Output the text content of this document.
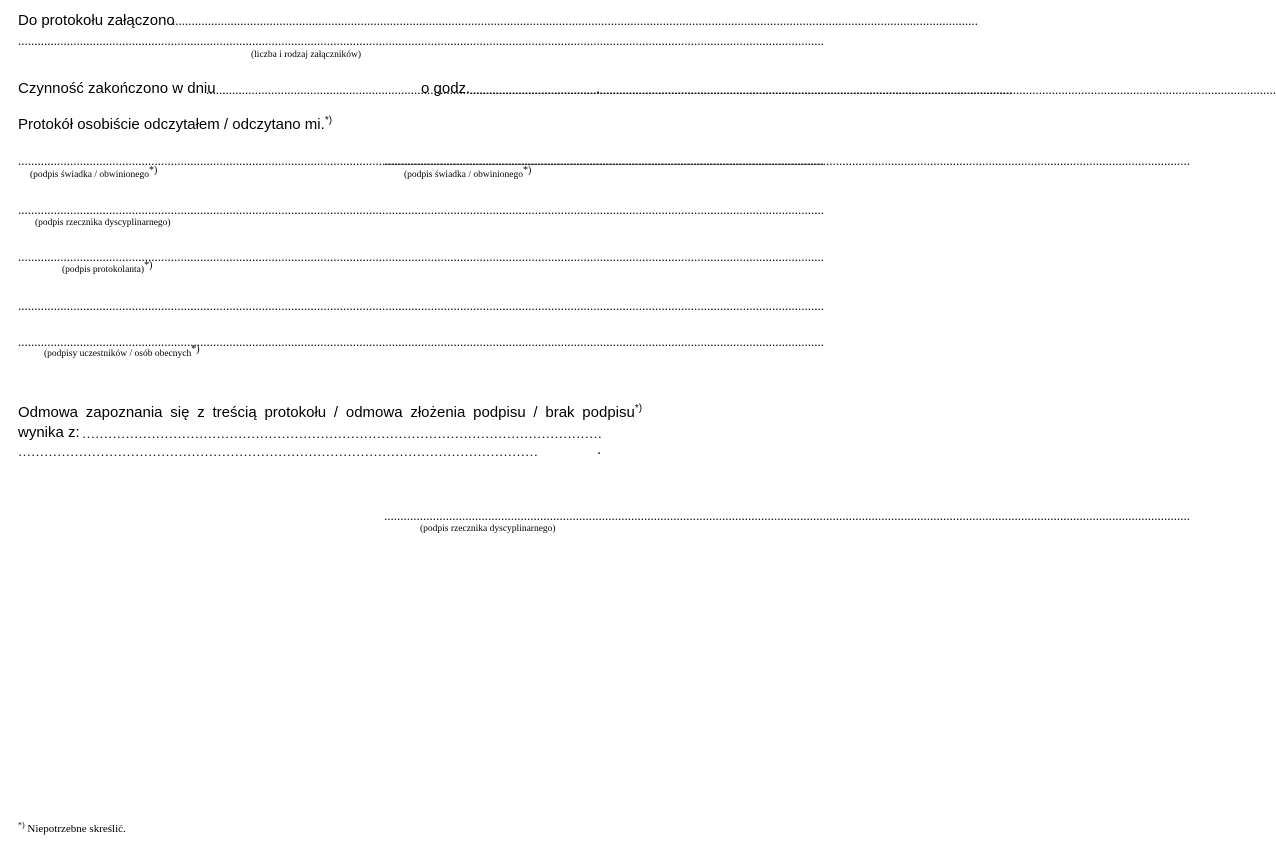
Do protokołu załączono
.....
.....
(liczba i rodzaj załączników)
Czynność zakończono w dniu .....	o godz. .....	.
Protokół osobiście odczytałem / odczytano mi.*)
.....
(podpis świadka / obwinionego*)
.....	(podpis świadka / obwinionego*)
.....
(podpis rzecznika dyscyplinarnego)
.....
(podpis protokolanta)*)
.....
.....
(podpisy uczestników / osób obecnych*)
Odmowa zapoznania się z treścią protokołu / odmowa złożenia podpisu / brak podpisu*)
wynika z:
…………………………………………………………………………………………………………
…………………………………………………………………………………………………………
.
.....
(podpis rzecznika dyscyplinarnego)
*) Niepotrzebne skreślić.
